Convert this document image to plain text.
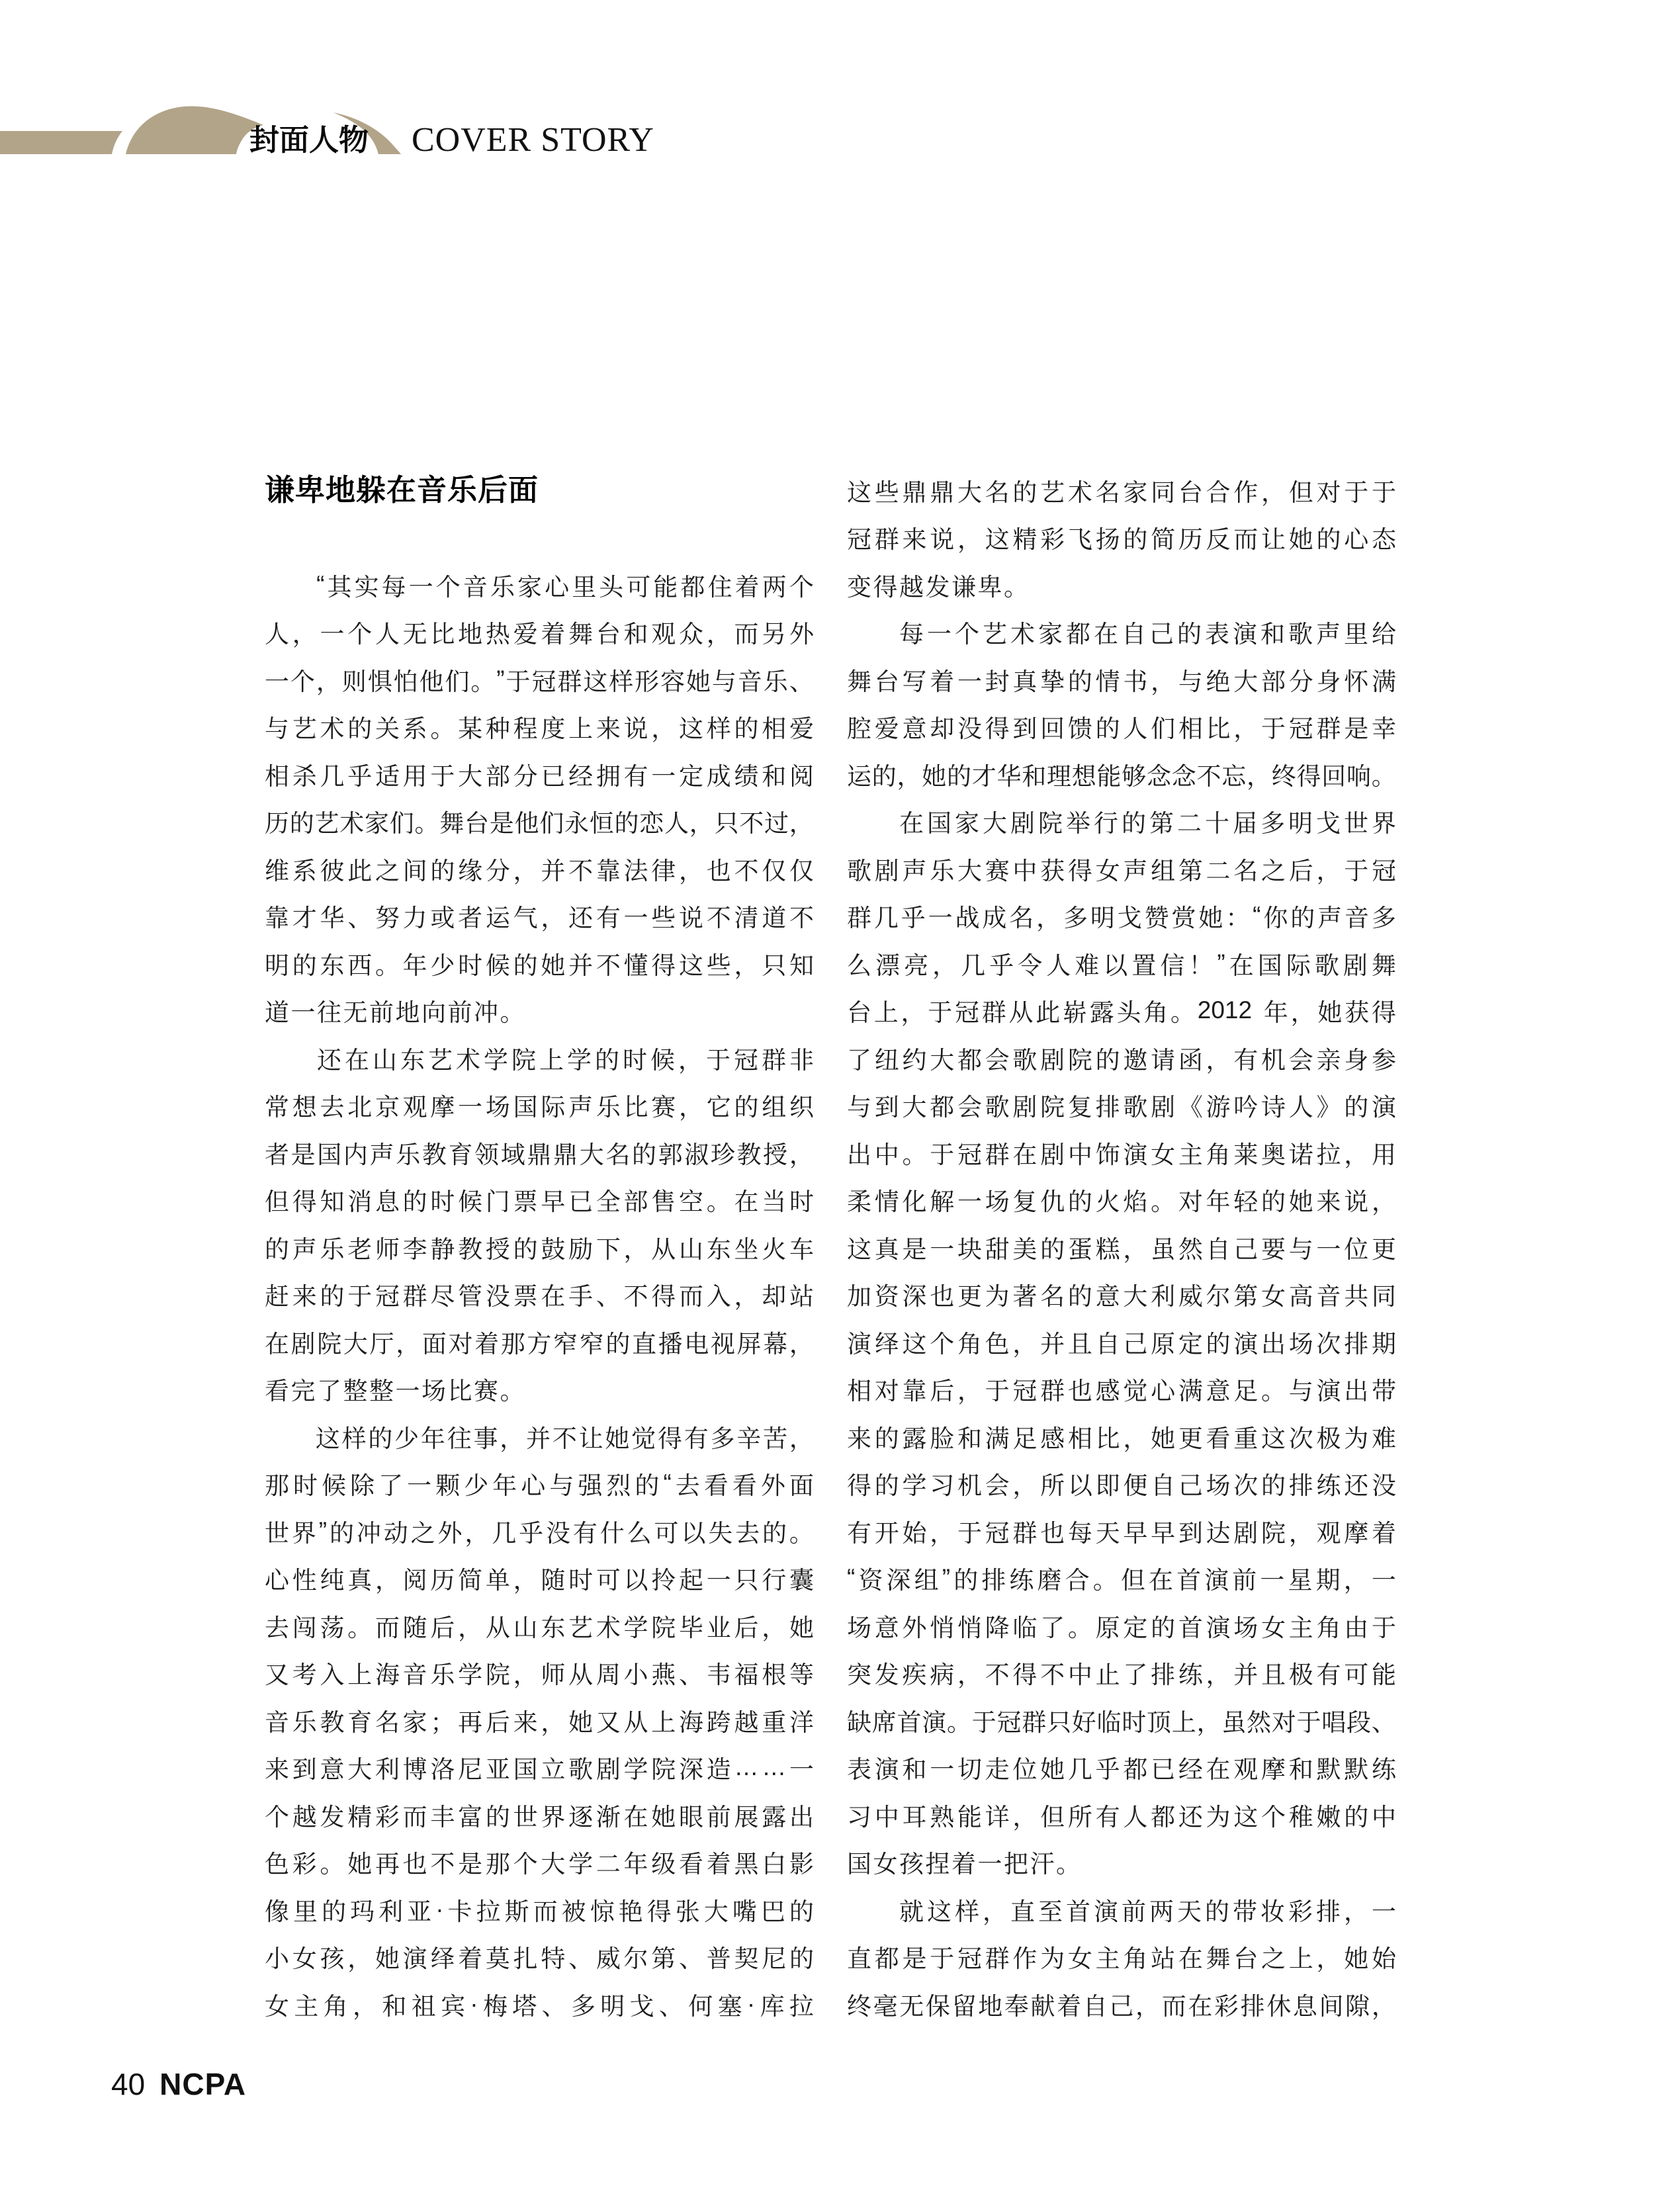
封面人物 COVER STORY
谦卑地躲在音乐后面
“ 其 实 每 一 个 音 乐 家 心 里 头 可 能 都 住 着 两 个
人 ， 一 个 人 无 比 地 热 爱 着 舞 台 和 观 众 ， 而 另 外
一 个 ， 则 惧 怕 他 们 。 ” 于 冠 群 这 样 形 容 她 与 音 乐 、
与 艺 术 的 关 系 。 某 种 程 度 上 来 说 ， 这 样 的 相 爱
相 杀 几 乎 适 用 于 大 部 分 已 经 拥 有 一 定 成 绩 和 阅
历 的 艺 术 家 们 。 舞 台 是 他 们 永 恒 的 恋 人 ， 只 不 过 ，
维 系 彼 此 之 间 的 缘 分 ， 并 不 靠 法 律 ， 也 不 仅 仅
靠 才 华 、 努 力 或 者 运 气 ， 还 有 一 些 说 不 清 道 不
明 的 东 西 。 年 少 时 候 的 她 并 不 懂 得 这 些 ， 只 知
道 一 往 无 前 地 向 前 冲 。
还 在 山 东 艺 术 学 院 上 学 的 时 候 ， 于 冠 群 非
常 想 去 北 京 观 摩 一 场 国 际 声 乐 比 赛 ， 它 的 组 织
者 是 国 内 声 乐 教 育 领 域 鼎 鼎 大 名 的 郭 淑 珍 教 授 ，
但 得 知 消 息 的 时 候 门 票 早 已 全 部 售 空 。 在 当 时
的 声 乐 老 师 李 静 教 授 的 鼓 励 下 ， 从 山 东 坐 火 车
赶 来 的 于 冠 群 尽 管 没 票 在 手 、 不 得 而 入 ， 却 站
在 剧 院 大 厅 ， 面 对 着 那 方 窄 窄 的 直 播 电 视 屏 幕 ，
看 完 了 整 整 一 场 比 赛 。
这 样 的 少 年 往 事 ， 并 不 让 她 觉 得 有 多 辛 苦 ，
那 时 候 除 了 一 颗 少 年 心 与 强 烈 的 “ 去 看 看 外 面
世 界 ” 的 冲 动 之 外 ， 几 乎 没 有 什 么 可 以 失 去 的 。
心 性 纯 真 ， 阅 历 简 单 ， 随 时 可 以 拎 起 一 只 行 囊
去 闯 荡 。 而 随 后 ， 从 山 东 艺 术 学 院 毕 业 后 ， 她
又 考 入 上 海 音 乐 学 院 ， 师 从 周 小 燕 、 韦 福 根 等
音 乐 教 育 名 家 ； 再 后 来 ， 她 又 从 上 海 跨 越 重 洋
来 到 意 大 利 博 洛 尼 亚 国 立 歌 剧 学 院 深 造 … … 一
个 越 发 精 彩 而 丰 富 的 世 界 逐 渐 在 她 眼 前 展 露 出
色 彩 。 她 再 也 不 是 那 个 大 学 二 年 级 看 着 黑 白 影
像 里 的 玛 利 亚 · 卡 拉 斯 而 被 惊 艳 得 张 大 嘴 巴 的
小 女 孩 ， 她 演 绎 着 莫 扎 特 、 威 尔 第 、 普 契 尼 的
女 主 角 ， 和 祖 宾 · 梅 塔 、 多 明 戈 、 何 塞 · 库 拉
这 些 鼎 鼎 大 名 的 艺 术 名 家 同 台 合 作 ， 但 对 于 于
冠 群 来 说 ， 这 精 彩 飞 扬 的 简 历 反 而 让 她 的 心 态
变 得 越 发 谦 卑 。
每 一 个 艺 术 家 都 在 自 己 的 表 演 和 歌 声 里 给
舞 台 写 着 一 封 真 挚 的 情 书 ， 与 绝 大 部 分 身 怀 满
腔 爱 意 却 没 得 到 回 馈 的 人 们 相 比 ， 于 冠 群 是 幸
运 的 ， 她 的 才 华 和 理 想 能 够 念 念 不 忘 ， 终 得 回 响 。
在 国 家 大 剧 院 举 行 的 第 二 十 届 多 明 戈 世 界
歌 剧 声 乐 大 赛 中 获 得 女 声 组 第 二 名 之 后 ， 于 冠
群 几 乎 一 战 成 名 ， 多 明 戈 赞 赏 她 ： “ 你 的 声 音 多
么 漂 亮 ， 几 乎 令 人 难 以 置 信 ！ ” 在 国 际 歌 剧 舞
台 上 ， 于 冠 群 从 此 崭 露 头 角 。 2012
年 ， 她 获 得
了 纽 约 大 都 会 歌 剧 院 的 邀 请 函 ， 有 机 会 亲 身 参
与 到 大 都 会 歌 剧 院 复 排 歌 剧 《 游 吟 诗 人 》 的 演
出 中 。 于 冠 群 在 剧 中 饰 演 女 主 角 莱 奥 诺 拉 ， 用
柔 情 化 解 一 场 复 仇 的 火 焰 。 对 年 轻 的 她 来 说 ，
这 真 是 一 块 甜 美 的 蛋 糕 ， 虽 然 自 己 要 与 一 位 更
加 资 深 也 更 为 著 名 的 意 大 利 威 尔 第 女 高 音 共 同
演 绎 这 个 角 色 ， 并 且 自 己 原 定 的 演 出 场 次 排 期
相 对 靠 后 ， 于 冠 群 也 感 觉 心 满 意 足 。 与 演 出 带
来 的 露 脸 和 满 足 感 相 比 ， 她 更 看 重 这 次 极 为 难
得 的 学 习 机 会 ， 所 以 即 便 自 己 场 次 的 排 练 还 没
有 开 始 ， 于 冠 群 也 每 天 早 早 到 达 剧 院 ， 观 摩 着
“ 资 深 组 ” 的 排 练 磨 合 。 但 在 首 演 前 一 星 期 ， 一
场 意 外 悄 悄 降 临 了 。 原 定 的 首 演 场 女 主 角 由 于
突 发 疾 病 ， 不 得 不 中 止 了 排 练 ， 并 且 极 有 可 能
缺 席 首 演 。 于 冠 群 只 好 临 时 顶 上 ， 虽 然 对 于 唱 段 、
表 演 和 一 切 走 位 她 几 乎 都 已 经 在 观 摩 和 默 默 练
习 中 耳 熟 能 详 ， 但 所 有 人 都 还 为 这 个 稚 嫩 的 中
国 女 孩 捏 着 一 把 汗 。
就 这 样 ， 直 至 首 演 前 两 天 的 带 妆 彩 排 ， 一
直 都 是 于 冠 群 作 为 女 主 角 站 在 舞 台 之 上 ， 她 始
终 毫 无 保 留 地 奉 献 着 自 己 ， 而 在 彩 排 休 息 间 隙 ，
40 NCPA
